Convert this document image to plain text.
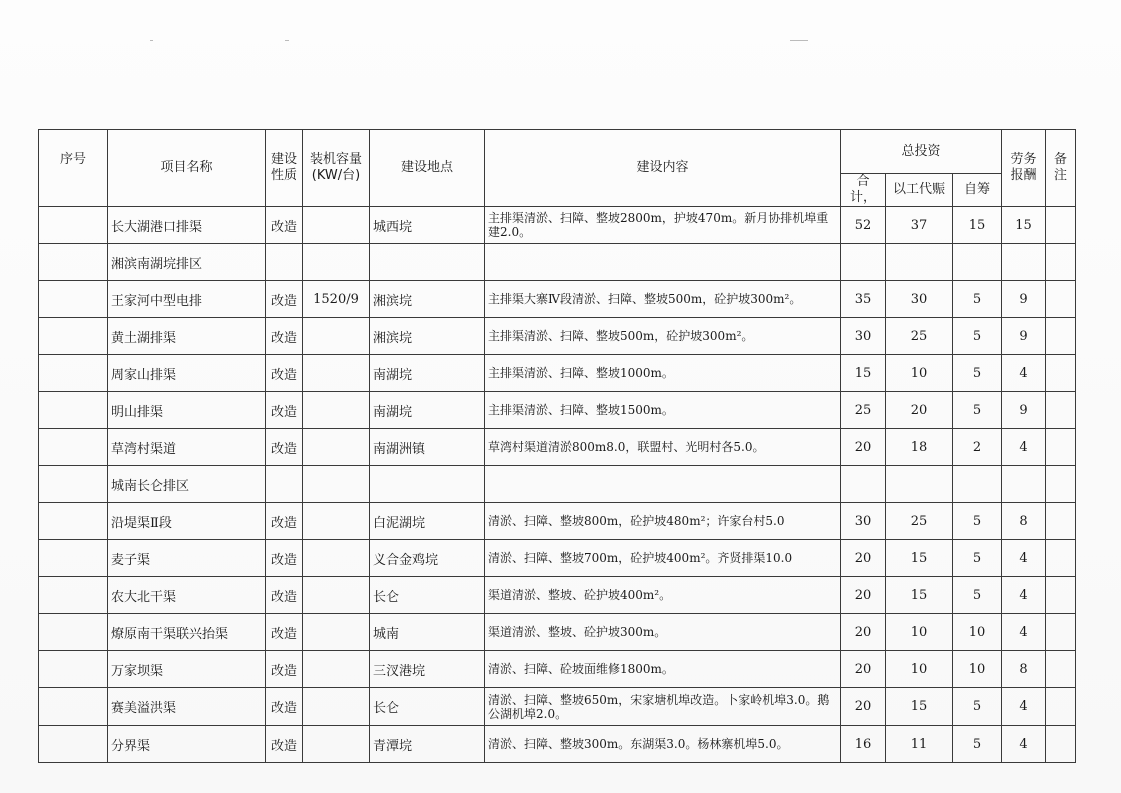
序号	项目名称	建设性质	装机容量(KW/台)	建设地点	建设内容	总投资			劳务报酬	备注
						合计，	以工代赈	自筹		
	长大湖港口排渠	改造		城西垸	主排渠清淤、扫障、整坡2800m，护坡470m。新月协排机埠重建2.0。	52	37	15	15	
	湘滨南湖垸排区									
	王家河中型电排	改造	1520/9	湘滨垸	主排渠大寨Ⅳ段清淤、扫障、整坡500m，砼护坡300m²。	35	30	5	9	
	黄土湖排渠	改造		湘滨垸	主排渠清淤、扫障、整坡500m，砼护坡300m²。	30	25	5	9	
	周家山排渠	改造		南湖垸	主排渠清淤、扫障、整坡1000m。	15	10	5	4	
	明山排渠	改造		南湖垸	主排渠清淤、扫障、整坡1500m。	25	20	5	9	
	草湾村渠道	改造		南湖洲镇	草湾村渠道清淤800m8.0，联盟村、光明村各5.0。	20	18	2	4	
	城南长仑排区									
	沿堤渠Ⅱ段	改造		白泥湖垸	清淤、扫障、整坡800m，砼护坡480m²；许家台村5.0	30	25	5	8	
	麦子渠	改造		义合金鸡垸	清淤、扫障、整坡700m，砼护坡400m²。齐贤排渠10.0	20	15	5	4	
	农大北干渠	改造		长仑	渠道清淤、整坡、砼护坡400m²。	20	15	5	4	
	燎原南干渠联兴抬渠	改造		城南	渠道清淤、整坡、砼护坡300m。	20	10	10	4	
	万家坝渠	改造		三汊港垸	清淤、扫障、砼坡面维修1800m。	20	10	10	8	
	赛美溢洪渠	改造		长仑	清淤、扫障、整坡650m，宋家塘机埠改造。卜家岭机埠3.0。鹅公湖机埠2.0。	20	15	5	4	
	分界渠	改造		青潭垸	清淤、扫障、整坡300m。东湖渠3.0。杨林寨机埠5.0。	16	11	5	4	
